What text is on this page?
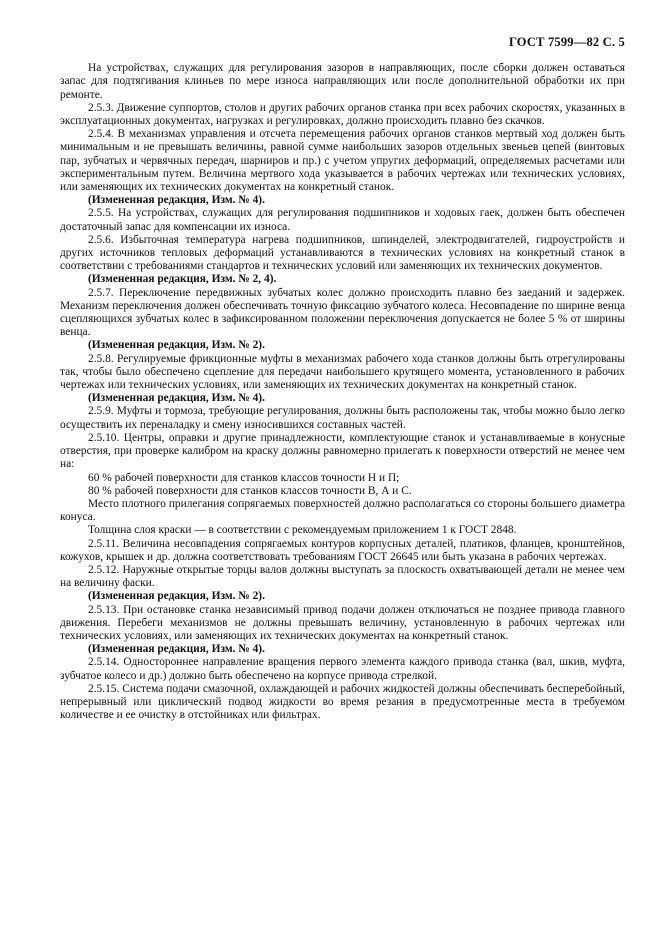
ГОСТ 7599—82 С. 5

На устройствах, служащих для регулирования зазоров в направляющих, после сборки должен оставаться запас для подтягивания клиньев по мере износа направляющих или после дополнительной обработки их при ремонте.

2.5.3. Движение суппортов, столов и других рабочих органов станка при всех рабочих скоростях, указанных в эксплуатационных документах, нагрузках и регулировках, должно происходить плавно без скачков.

2.5.4. В механизмах управления и отсчета перемещения рабочих органов станков мертвый ход должен быть минимальным и не превышать величины, равной сумме наибольших зазоров отдельных звеньев цепей (винтовых пар, зубчатых и червячных передач, шарниров и пр.) с учетом упругих деформаций, определяемых расчетами или экспериментальным путем. Величина мертвого хода указывается в рабочих чертежах или технических условиях, или заменяющих их технических документах на конкретный станок.

(Измененная редакция, Изм. № 4).

2.5.5. На устройствах, служащих для регулирования подшипников и ходовых гаек, должен быть обеспечен достаточный запас для компенсации их износа.

2.5.6. Избыточная температура нагрева подшипников, шпинделей, электродвигателей, гидроустройств и других источников тепловых деформаций устанавливаются в технических условиях на конкретный станок в соответствии с требованиями стандартов и технических условий или заменяющих их технических документов.

(Измененная редакция, Изм. № 2, 4).

2.5.7. Переключение передвижных зубчатых колес должно происходить плавно без заеданий и задержек. Механизм переключения должен обеспечивать точную фиксацию зубчатого колеса. Несовпадение по ширине венца сцепляющихся зубчатых колес в зафиксированном положении переключения допускается не более 5 % от ширины венца.

(Измененная редакция, Изм. № 2).

2.5.8. Регулируемые фрикционные муфты в механизмах рабочего хода станков должны быть отрегулированы так, чтобы было обеспечено сцепление для передачи наибольшего крутящего момента, установленного в рабочих чертежах или технических условиях, или заменяющих их технических документах на конкретный станок.

(Измененная редакция, Изм. № 4).

2.5.9. Муфты и тормоза, требующие регулирования, должны быть расположены так, чтобы можно было легко осуществить их переналадку и смену износившихся составных частей.

2.5.10. Центры, оправки и другие принадлежности, комплектующие станок и устанавливаемые в конусные отверстия, при проверке калибром на краску должны равномерно прилегать к поверхности отверстий не менее чем на:

60 % рабочей поверхности для станков классов точности Н и П;

80 % рабочей поверхности для станков классов точности В, А и С.

Место плотного прилегания сопрягаемых поверхностей должно располагаться со стороны большего диаметра конуса.

Толщина слоя краски — в соответствии с рекомендуемым приложением 1 к ГОСТ 2848.

2.5.11. Величина несовпадения сопрягаемых контуров корпусных деталей, платиков, фланцев, кронштейнов, кожухов, крышек и др. должна соответствовать требованиям ГОСТ 26645 или быть указана в рабочих чертежах.

2.5.12. Наружные открытые торцы валов должны выступать за плоскость охватывающей детали не менее чем на величину фаски.

(Измененная редакция, Изм. № 2).

2.5.13. При остановке станка независимый привод подачи должен отключаться не позднее привода главного движения. Перебеги механизмов не должны превышать величину, установленную в рабочих чертежах или технических условиях, или заменяющих их технических документах на конкретный станок.

(Измененная редакция, Изм. № 4).

2.5.14. Одностороннее направление вращения первого элемента каждого привода станка (вал, шкив, муфта, зубчатое колесо и др.) должно быть обеспечено на корпусе привода стрелкой.

2.5.15. Система подачи смазочной, охлаждающей и рабочих жидкостей должны обеспечивать бесперебойный, непрерывный или циклический подвод жидкости во время резания в предусмотренные места в требуемом количестве и ее очистку в отстойниках или фильтрах.
